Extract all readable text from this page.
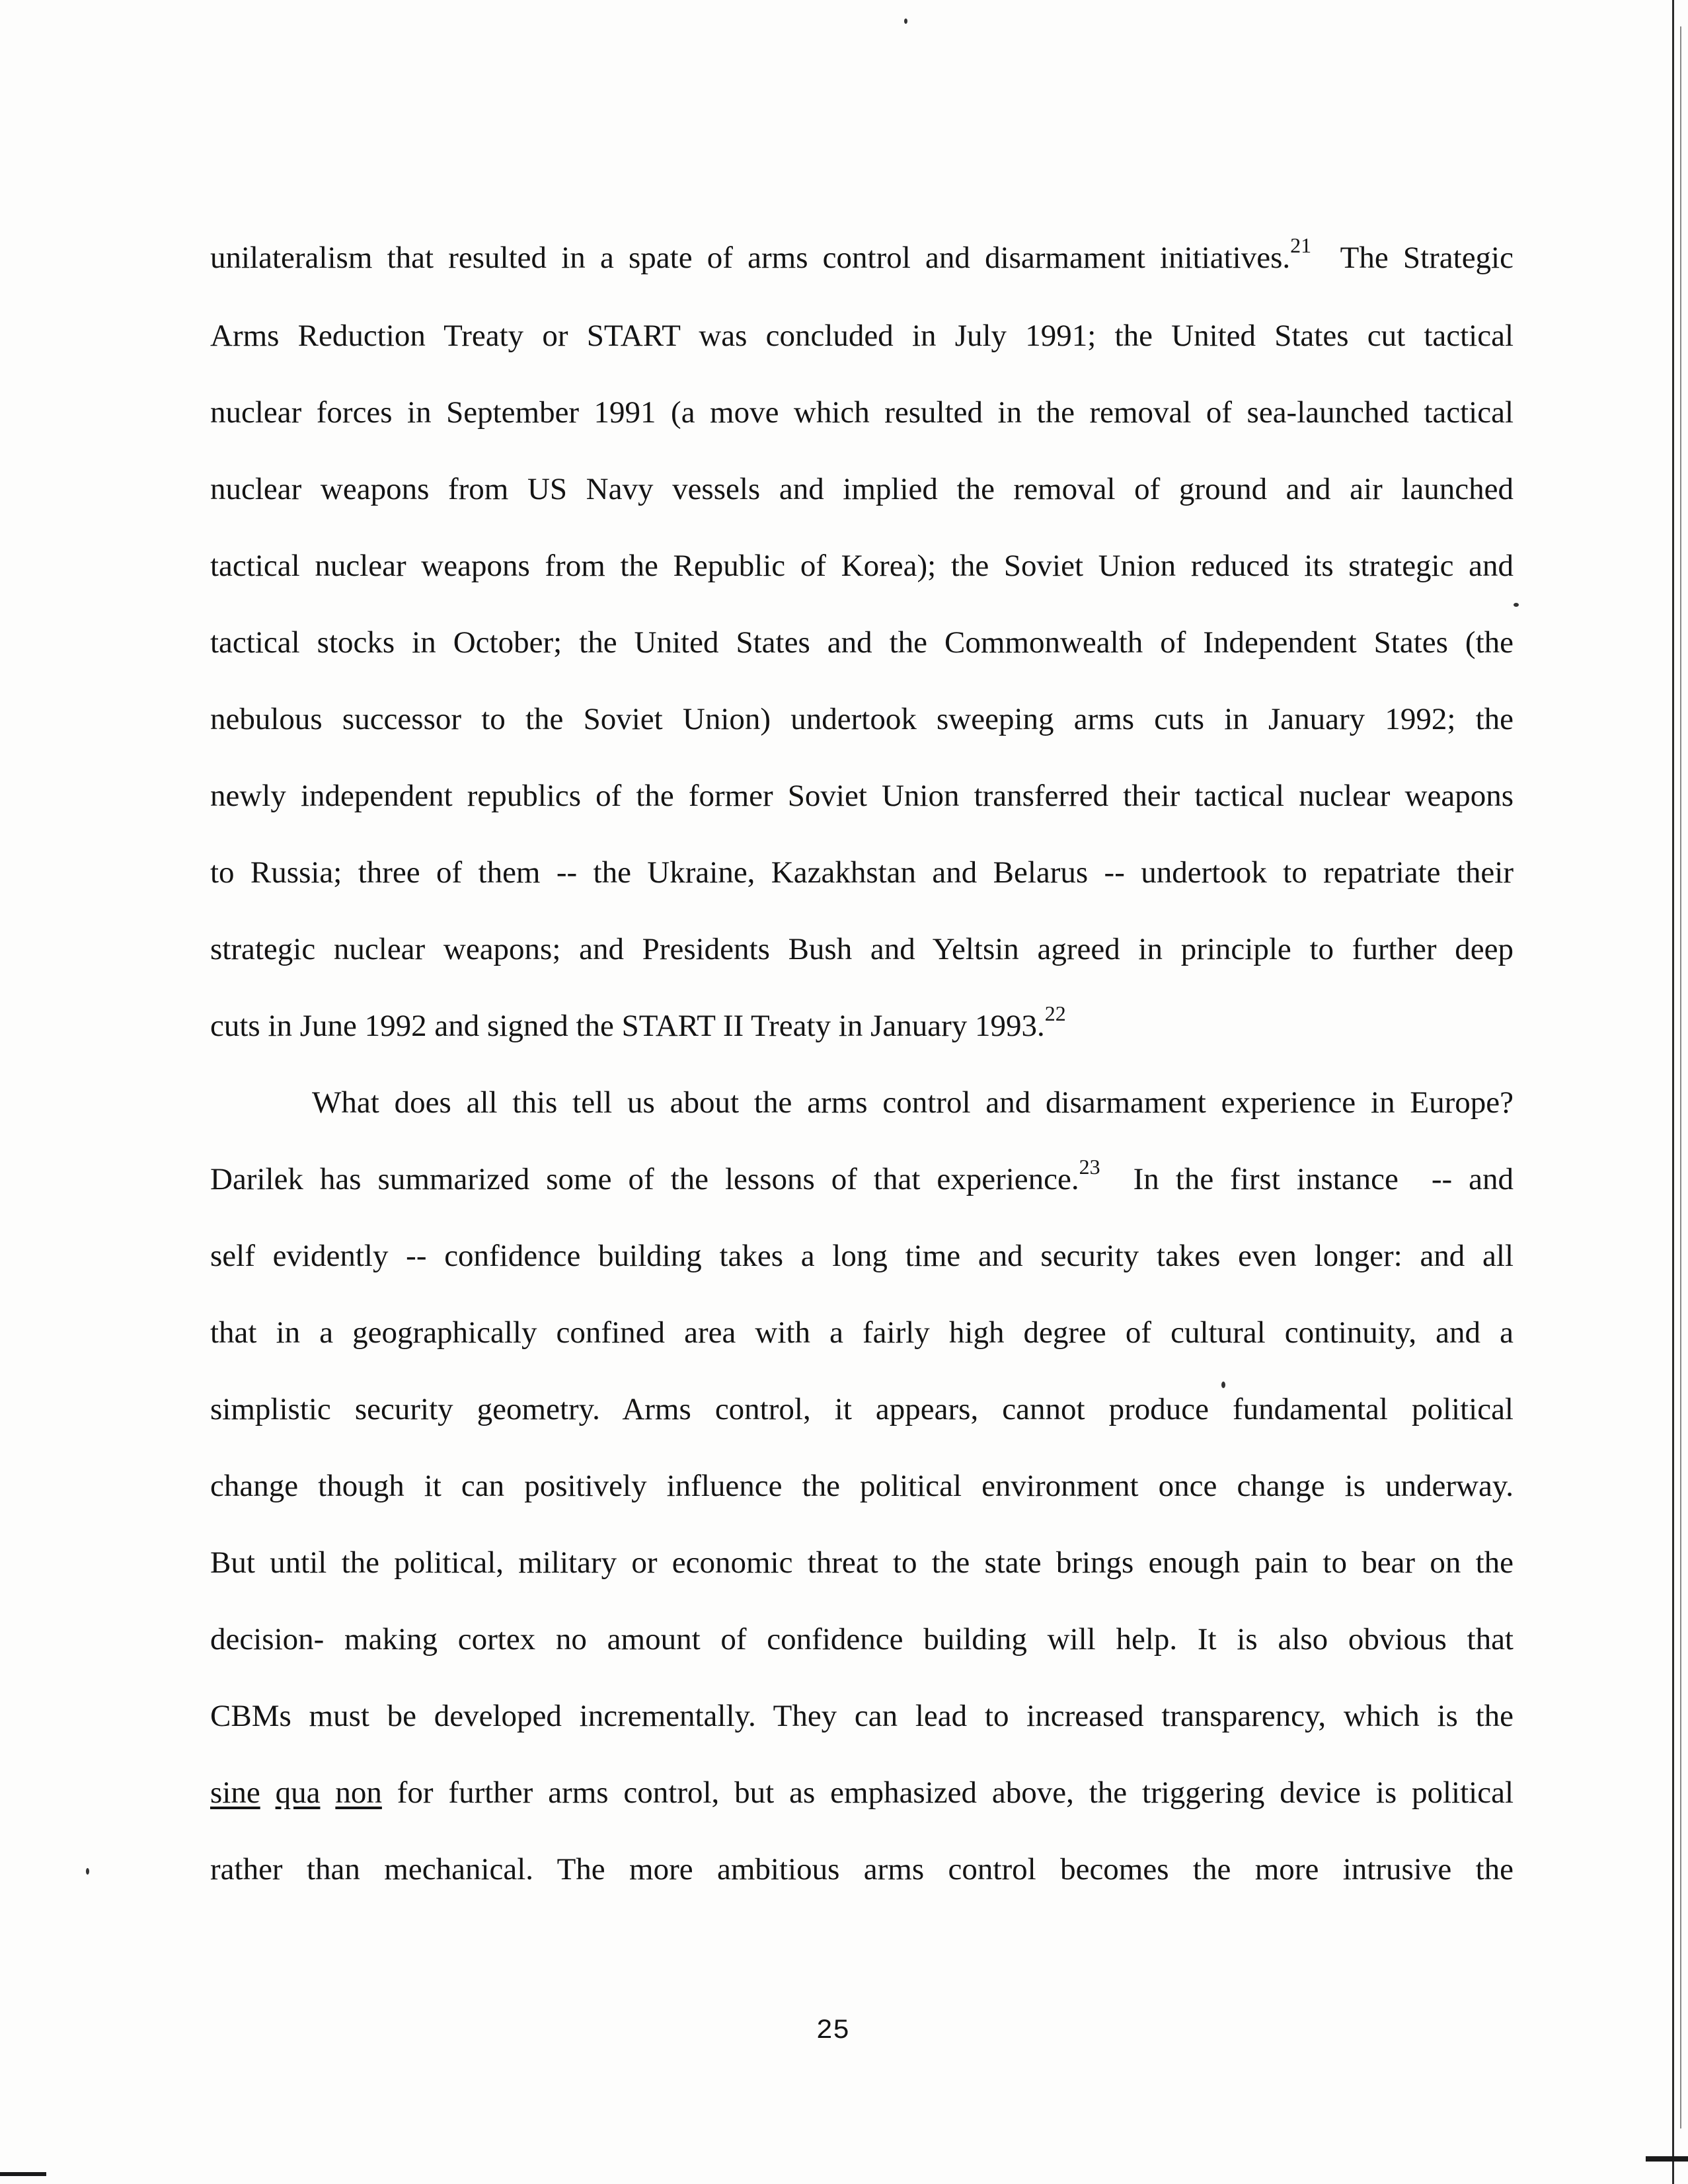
unilateralism that resulted in a spate of arms control and disarmament initiatives.$^{21}$  The Strategic
Arms Reduction Treaty or START was concluded in July 1991; the United States cut tactical
nuclear forces in September 1991 (a move which resulted in the removal of sea-launched tactical
nuclear weapons from US Navy vessels and implied the removal of ground and air launched
tactical nuclear weapons from the Republic of Korea); the Soviet Union reduced its strategic and
tactical stocks in October; the United States and the Commonwealth of Independent States (the
nebulous successor to the Soviet Union) undertook sweeping arms cuts in January 1992; the
newly independent republics of the former Soviet Union transferred their tactical nuclear weapons
to Russia; three of them -- the Ukraine, Kazakhstan and Belarus -- undertook to repatriate their
strategic nuclear weapons; and Presidents Bush and Yeltsin agreed in principle to further deep
cuts in June 1992 and signed the START II Treaty in January 1993.22
What does all this tell us about the arms control and disarmament experience in Europe?
Darilek has summarized some of the lessons of that experience.$^{23}$  In the first instance  -- and
self evidently -- confidence building takes a long time and security takes even longer: and all
that in a geographically confined area with a fairly high degree of cultural continuity, and a
simplistic security geometry. Arms control, it appears, cannot produce fundamental political
change though it can positively influence the political environment once change is underway.
But until the political, military or economic threat to the state brings enough pain to bear on the
decision- making cortex no amount of confidence building will help. It is also obvious that
CBMs must be developed incrementally. They can lead to increased transparency, which is the
sine qua non for further arms control, but as emphasized above, the triggering device is political
rather than mechanical. The more ambitious arms control becomes the more intrusive the
25
